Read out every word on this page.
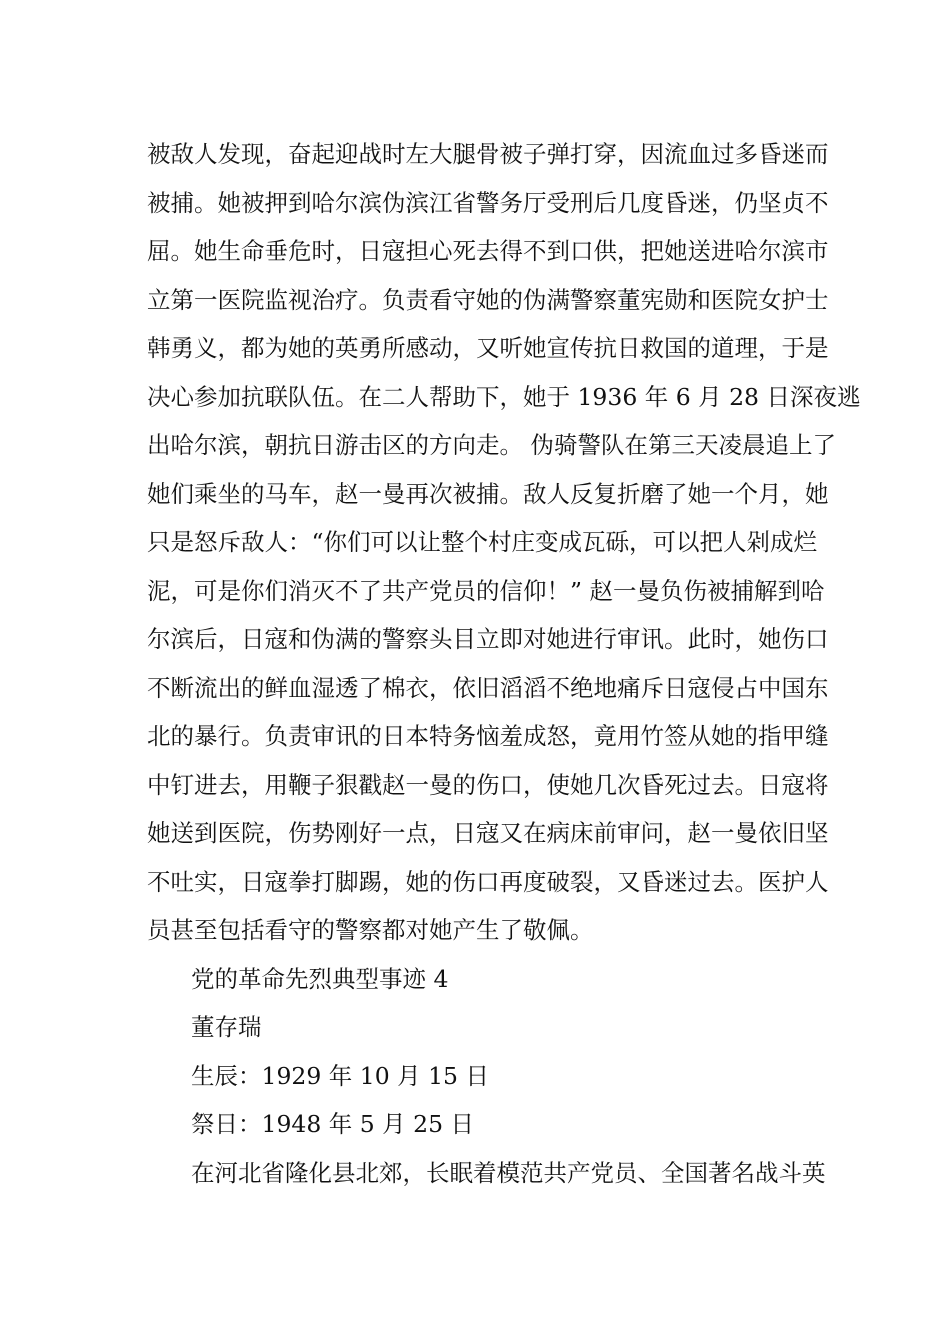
被敌人发现，奋起迎战时左大腿骨被子弹打穿，因流血过多昏迷而
被捕。她被押到哈尔滨伪滨江省警务厅受刑后几度昏迷，仍坚贞不
屈。她生命垂危时，日寇担心死去得不到口供，把她送进哈尔滨市
立第一医院监视治疗。负责看守她的伪满警察董宪勋和医院女护士
韩勇义，都为她的英勇所感动，又听她宣传抗日救国的道理，于是
决心参加抗联队伍。在二人帮助下，她于 1936 年 6 月 28 日深夜逃
出哈尔滨，朝抗日游击区的方向走。 伪骑警队在第三天凌晨追上了
她们乘坐的马车，赵一曼再次被捕。敌人反复折磨了她一个月，她
只是怒斥敌人：“你们可以让整个村庄变成瓦砾，可以把人剁成烂
泥，可是你们消灭不了共产党员的信仰！” 赵一曼负伤被捕解到哈
尔滨后，日寇和伪满的警察头目立即对她进行审讯。此时，她伤口
不断流出的鲜血湿透了棉衣，依旧滔滔不绝地痛斥日寇侵占中国东
北的暴行。负责审讯的日本特务恼羞成怒，竟用竹签从她的指甲缝
中钉进去，用鞭子狠戳赵一曼的伤口，使她几次昏死过去。日寇将
她送到医院，伤势刚好一点，日寇又在病床前审问，赵一曼依旧坚
不吐实，日寇拳打脚踢，她的伤口再度破裂，又昏迷过去。医护人
员甚至包括看守的警察都对她产生了敬佩。
党的革命先烈典型事迹 4
董存瑞
生辰：1929 年 10 月 15 日
祭日：1948 年 5 月 25 日
在河北省隆化县北郊，长眠着模范共产党员、全国著名战斗英
